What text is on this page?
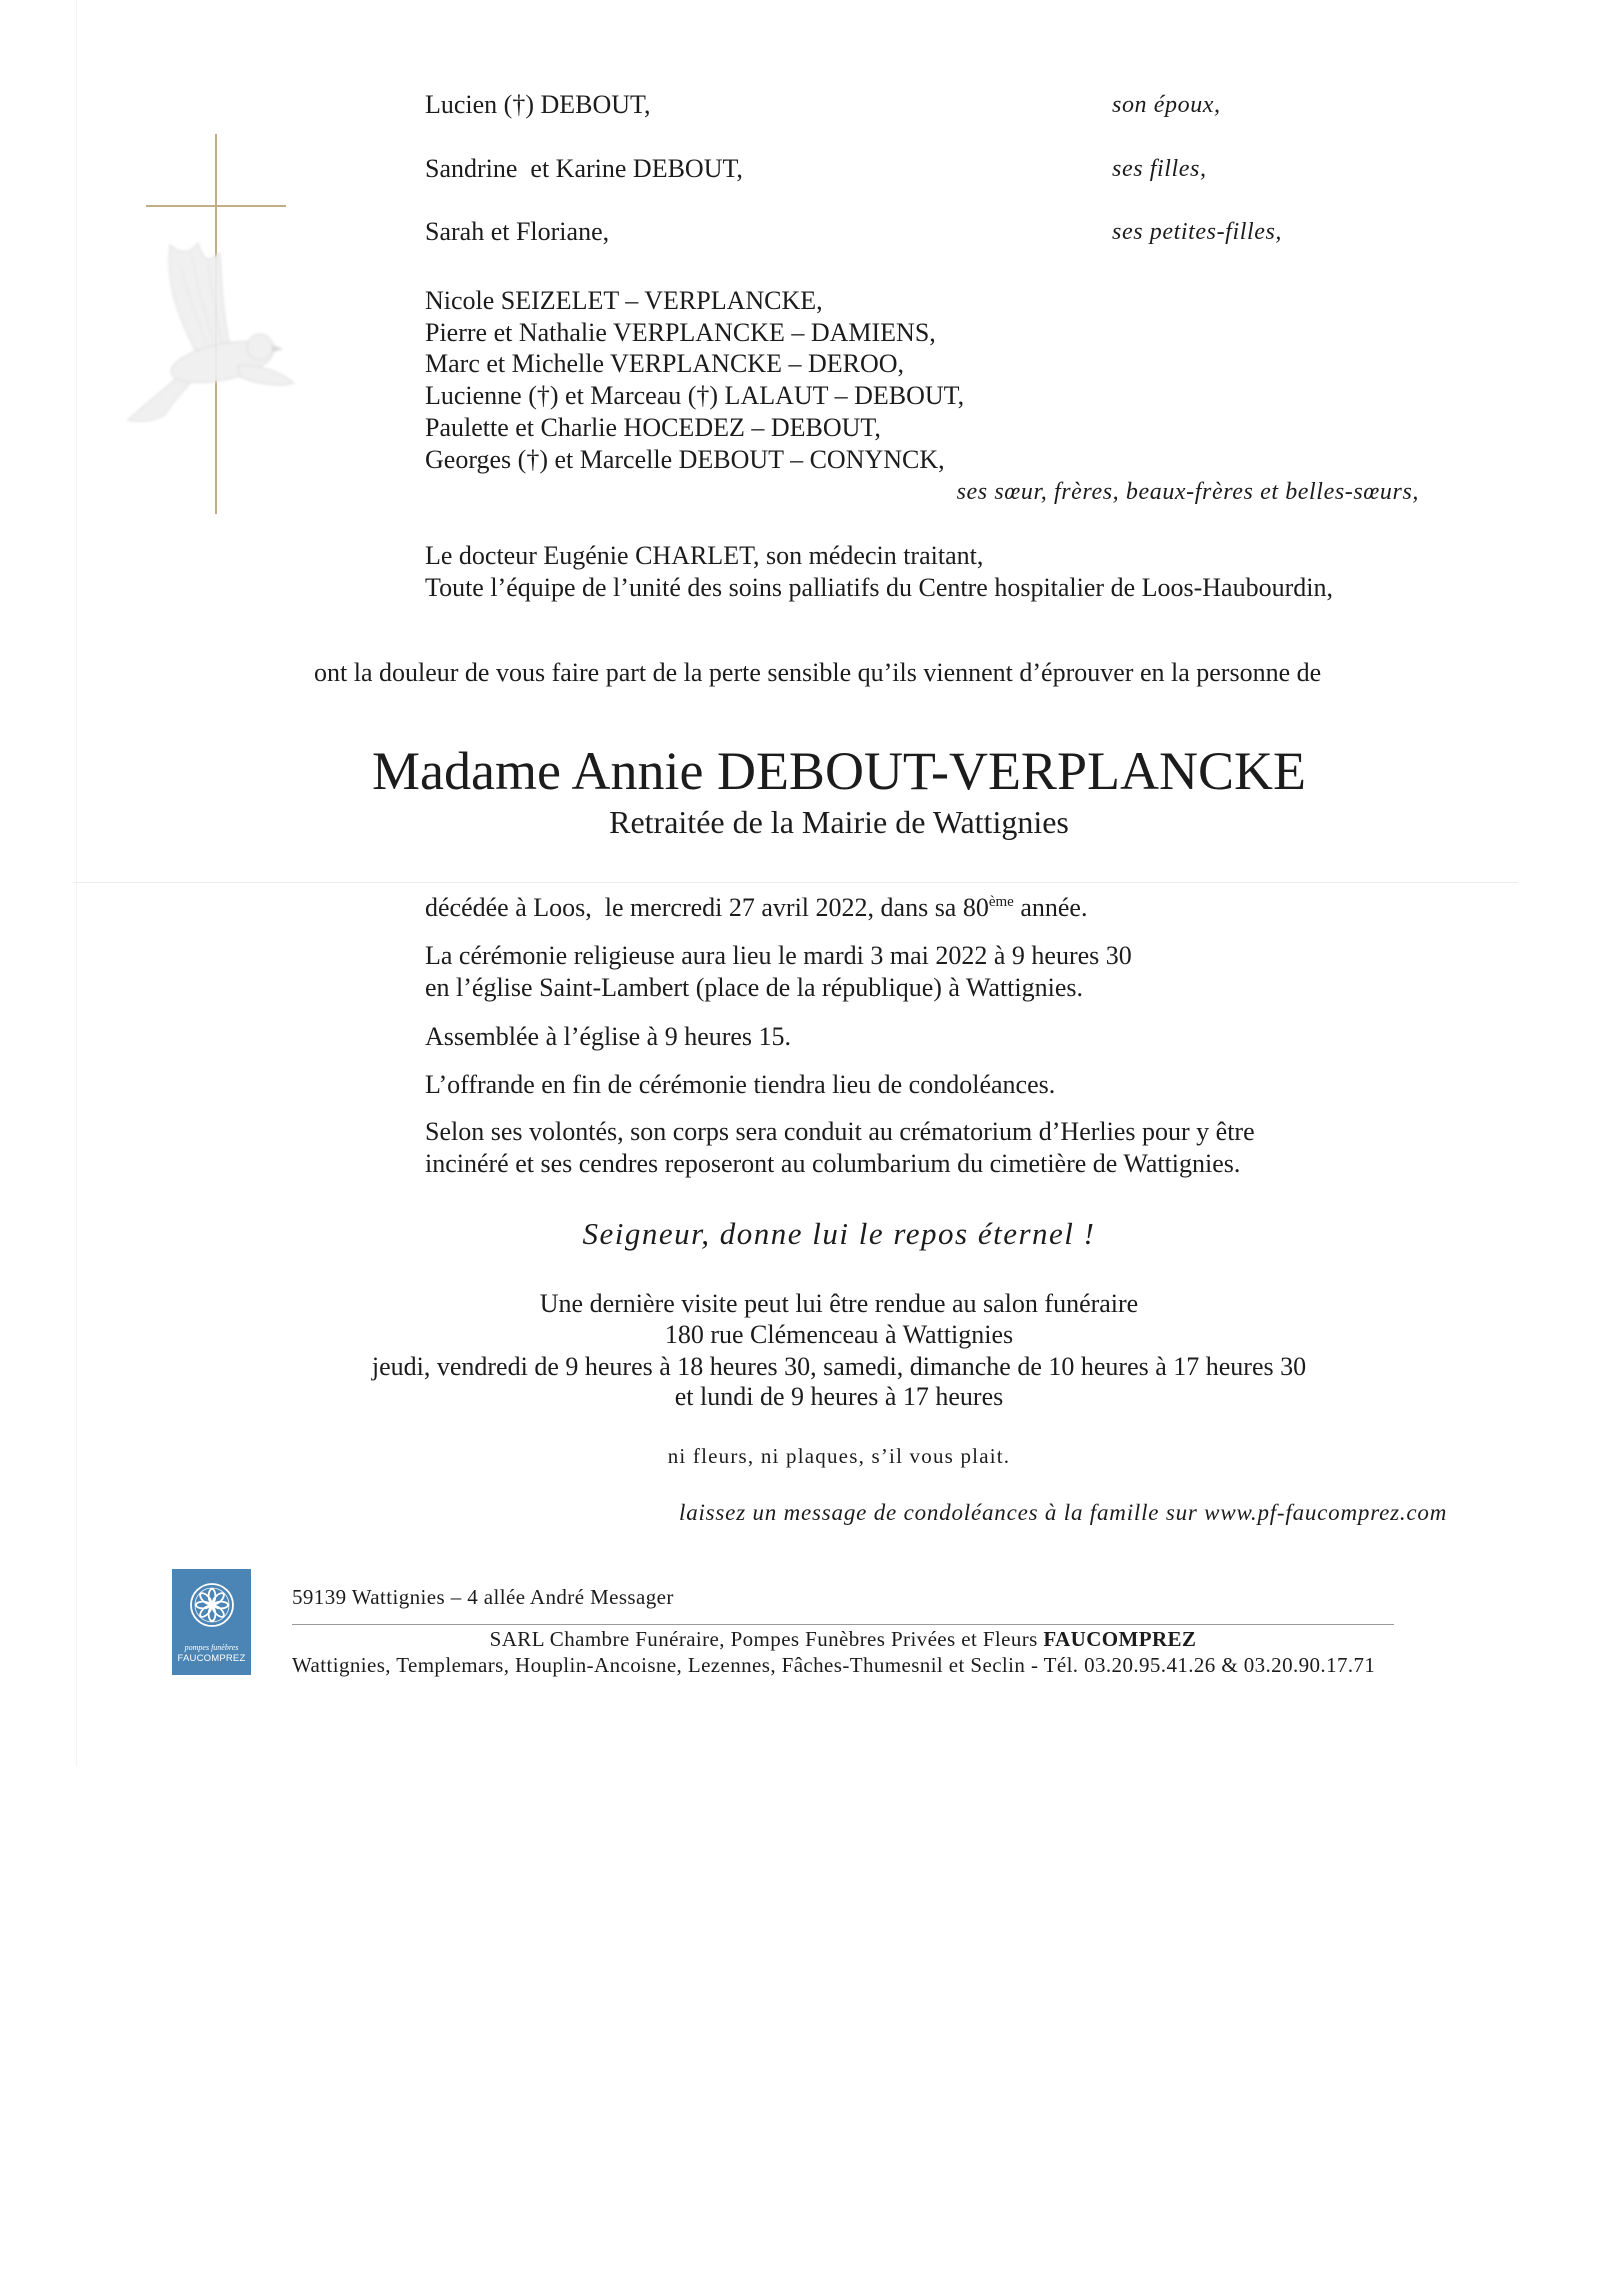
Lucien (†) DEBOUT,	son époux,
Sandrine  et Karine DEBOUT,	ses filles,
Sarah et Floriane,	ses petites-filles,
Nicole SEIZELET – VERPLANCKE,
Pierre et Nathalie VERPLANCKE – DAMIENS,
Marc et Michelle VERPLANCKE – DEROO,
Lucienne (†) et Marceau (†) LALAUT – DEBOUT,
Paulette et Charlie HOCEDEZ – DEBOUT,
Georges (†) et Marcelle DEBOUT – CONYNCK,
ses sœur, frères, beaux-frères et belles-sœurs,
Le docteur Eugénie CHARLET, son médecin traitant,
Toute l’équipe de l’unité des soins palliatifs du Centre hospitalier de Loos-Haubourdin,
ont la douleur de vous faire part de la perte sensible qu’ils viennent d’éprouver en la personne de
Madame Annie DEBOUT-VERPLANCKE
Retraitée de la Mairie de Wattignies
décédée à Loos,  le mercredi 27 avril 2022, dans sa 80ème année.
La cérémonie religieuse aura lieu le mardi 3 mai 2022 à 9 heures 30
en l’église Saint-Lambert (place de la république) à Wattignies.
Assemblée à l’église à 9 heures 15.
L’offrande en fin de cérémonie tiendra lieu de condoléances.
Selon ses volontés, son corps sera conduit au crématorium d’Herlies pour y être
incinéré et ses cendres reposeront au columbarium du cimetière de Wattignies.
Seigneur, donne lui le repos éternel !
Une dernière visite peut lui être rendue au salon funéraire
180 rue Clémenceau à Wattignies
jeudi, vendredi de 9 heures à 18 heures 30, samedi, dimanche de 10 heures à 17 heures 30
et lundi de 9 heures à 17 heures
ni fleurs, ni plaques, s’il vous plait.
laissez un message de condoléances à la famille sur www.pf-faucomprez.com
pompes funèbres
FAUCOMPREZ
59139 Wattignies – 4 allée André Messager
SARL Chambre Funéraire, Pompes Funèbres Privées et Fleurs FAUCOMPREZ
Wattignies, Templemars, Houplin-Ancoisne, Lezennes, Fâches-Thumesnil et Seclin - Tél. 03.20.95.41.26 & 03.20.90.17.71
